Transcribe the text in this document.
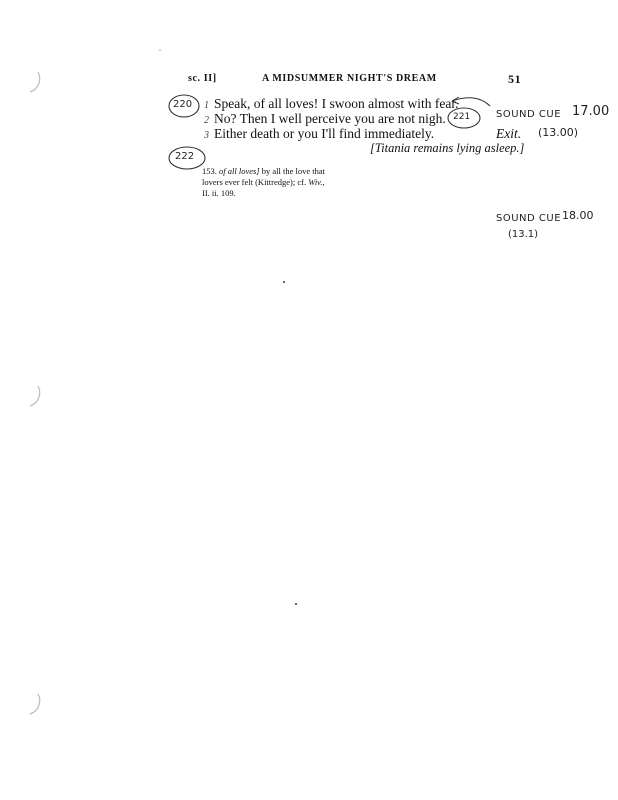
sc. II]	A MIDSUMMER NIGHT'S DREAM	51
220
221
222
1 Speak, of all loves! I swoon almost with fear.
2 No? Then I well perceive you are not nigh.
3 Either death or you I'll find immediately.	Exit.
[Titania remains lying asleep.]
153. of all loves] by all the love that
lovers ever felt (Kittredge); cf. Wiv.,
II. ii. 109.
SOUND CUE 17.00
(13.00)
SOUND CUE 18.00
(13.1)
